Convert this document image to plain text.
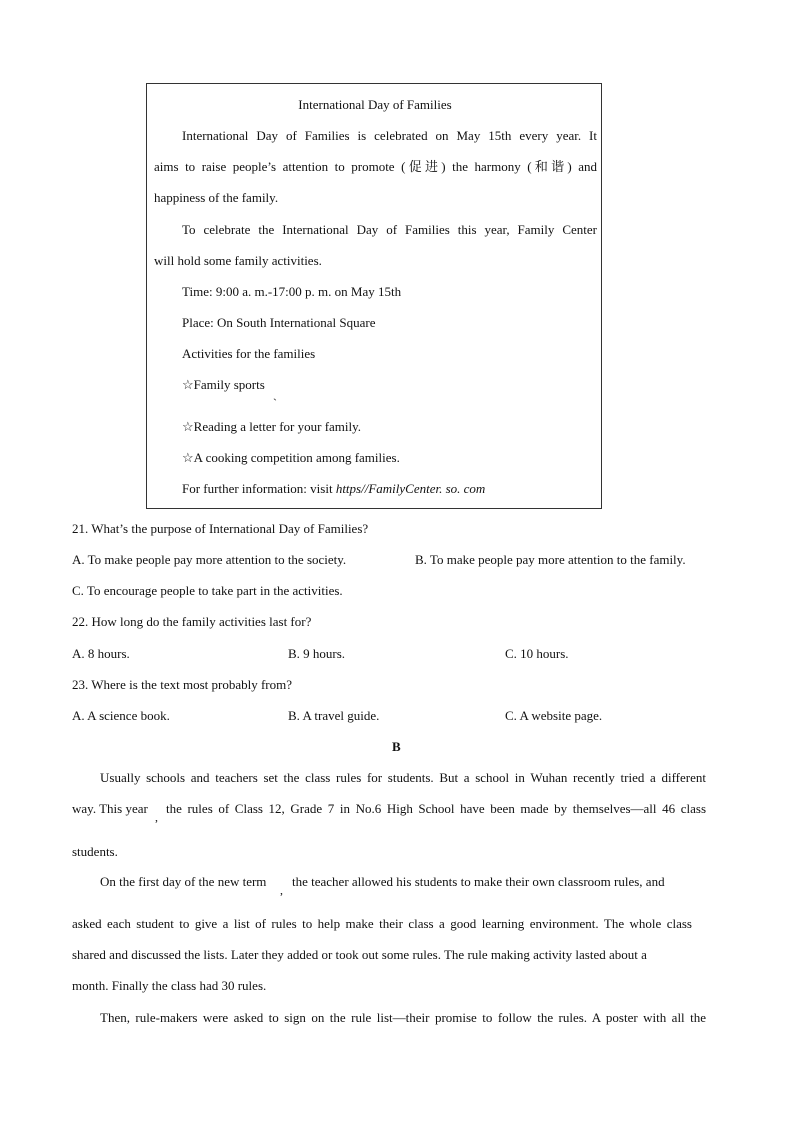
International Day of Families
International Day of Families is celebrated on May 15th every year. It
aims to raise people’s attention to promote (促进) the harmony (和谐) and
happiness of the family.
To celebrate the International Day of Families this year, Family Center
will hold some family activities.
Time: 9:00 a. m.-17:00 p. m. on May 15th
Place: On South International Square
Activities for the families
☆Family sports
ˎ
☆Reading a letter for your family.
☆A cooking competition among families.
For further information: visit https//FamilyCenter. so. com
21. What’s the purpose of International Day of Families?
A. To make people pay more attention to the society.	B. To make people pay more attention to the family.
C. To encourage people to take part in the activities.
22. How long do the family activities last for?
A. 8 hours.	B. 9 hours.	C. 10 hours.
23. Where is the text most probably from?
A. A science book.	B. A travel guide.	C. A website page.
B
Usually schools and teachers set the class rules for students. But a school in Wuhan recently tried a different
way. This year
,
the rules of Class 12, Grade 7 in No.6 High School have been made by themselves—all 46 class
students.
On the first day of the new term
,
the teacher allowed his students to make their own classroom rules, and
asked each student to give a list of rules to help make their class a good learning environment. The whole class
shared and discussed the lists. Later they added or took out some rules. The rule making activity lasted about a
month. Finally the class had 30 rules.
Then, rule-makers were asked to sign on the rule list—their promise to follow the rules. A poster with all the
